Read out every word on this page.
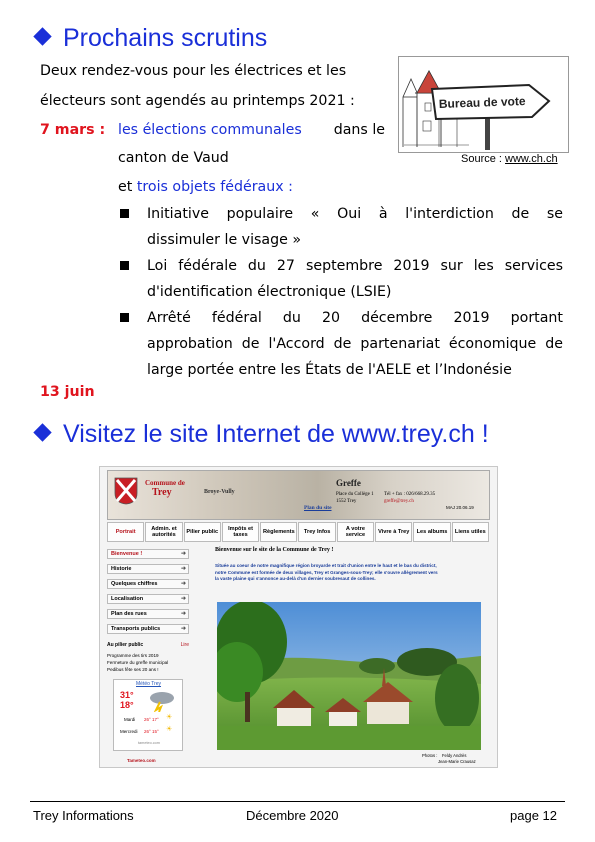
Prochains scrutins
Deux rendez-vous pour les électrices et les
électeurs sont agendés au printemps 2021 :
7 mars : les élections communales dans le
canton de Vaud
et trois objets fédéraux :
Initiative populaire « Oui à l'interdiction de se
dissimuler le visage »
Loi fédérale du 27 septembre 2019 sur les services
d'identification électronique (LSIE)
Arrêté fédéral du 20 décembre 2019 portant
approbation de l'Accord de partenariat économique de
large portée entre les États de l'AELE et l’Indonésie
13 juin
Bureau de vote
Source : www.ch.ch
Visitez le site Internet de www.trey.ch !
Commune de
Trey	Broye-Vully
Plan du site
Greffe
Place du Collège 1
1552 Trey
Tél + fax : 026/668.29.35
greffe@trey.ch
MAJ 20.06.19
Portrait	Admin. et autorités	Pilier public	Impôts et taxes	Règlements	Trey Infos	A votre service	Vivre à Trey	Les albums	Liens utiles
Bienvenue !	➜
Historie	➜
Quelques chiffres	➜
Localisation	➜
Plan des rues	➜
Transports publics	➜
Au pilier public	Lire
Programme des tirs 2019
Fermeture du greffe municipal
Pedibus fête ses 20 ans !
Météo Trey
31°
18°
Mardi 26° 17° ☀
Mercredi 26° 15° ☀
tameteo.com
Tameteo.com
Bienvenue sur le site de la Commune de Trey !
Située au coeur de notre magnifique région broyarde et trait d'union entre le haut et le bas du district,
notre Commune est formée de deux villages, Trey et Granges-sous-Trey; elle s'ouvre allègrement vers
la vaste plaine qui s'annonce au-delà d'un dernier soubresaut de collines.
Photos : Feldy Andrès
Jean-Marie Crausaz
Trey Informations	Décembre 2020	page 12
